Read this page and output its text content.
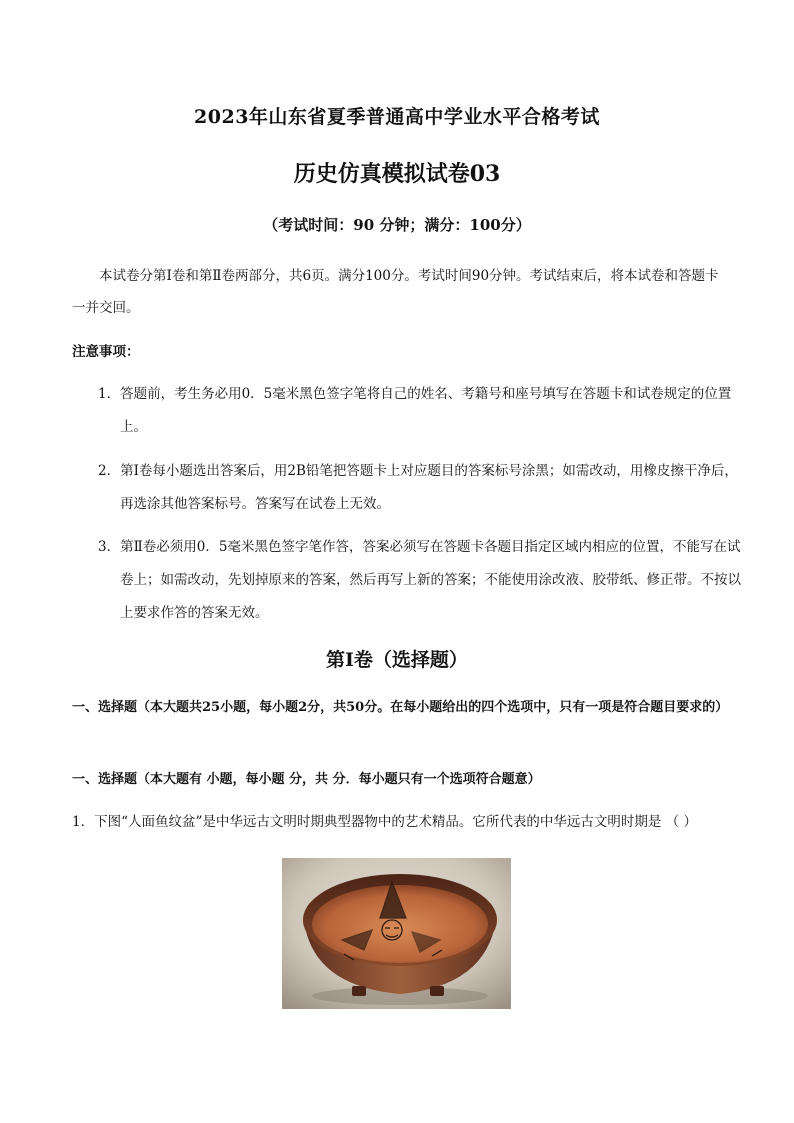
2023年山东省夏季普通高中学业水平合格考试
历史仿真模拟试卷03
（考试时间：90 分钟；满分：100分）
本试卷分第Ⅰ卷和第Ⅱ卷两部分，共6页。满分100分。考试时间90分钟。考试结束后，将本试卷和答题卡一并交回。
注意事项：
1．答题前，考生务必用0．5毫米黑色签字笔将自己的姓名、考籍号和座号填写在答题卡和试卷规定的位置上。
2．第Ⅰ卷每小题选出答案后，用2B铅笔把答题卡上对应题目的答案标号涂黑；如需改动，用橡皮擦干净后，再选涂其他答案标号。答案写在试卷上无效。
3．第Ⅱ卷必须用0．5毫米黑色签字笔作答，答案必须写在答题卡各题目指定区域内相应的位置，不能写在试卷上；如需改动，先划掉原来的答案，然后再写上新的答案；不能使用涂改液、胶带纸、修正带。不按以上要求作答的答案无效。
第Ⅰ卷（选择题）
一、选择题（本大题共25小题，每小题2分，共50分。在每小题给出的四个选项中，只有一项是符合题目要求的）
一、选择题（本大题有 小题，每小题 分，共 分．每小题只有一个选项符合题意）
1．下图“人面鱼纹盆”是中华远古文明时期典型器物中的艺术精品。它所代表的中华远古文明时期是 （ ）
